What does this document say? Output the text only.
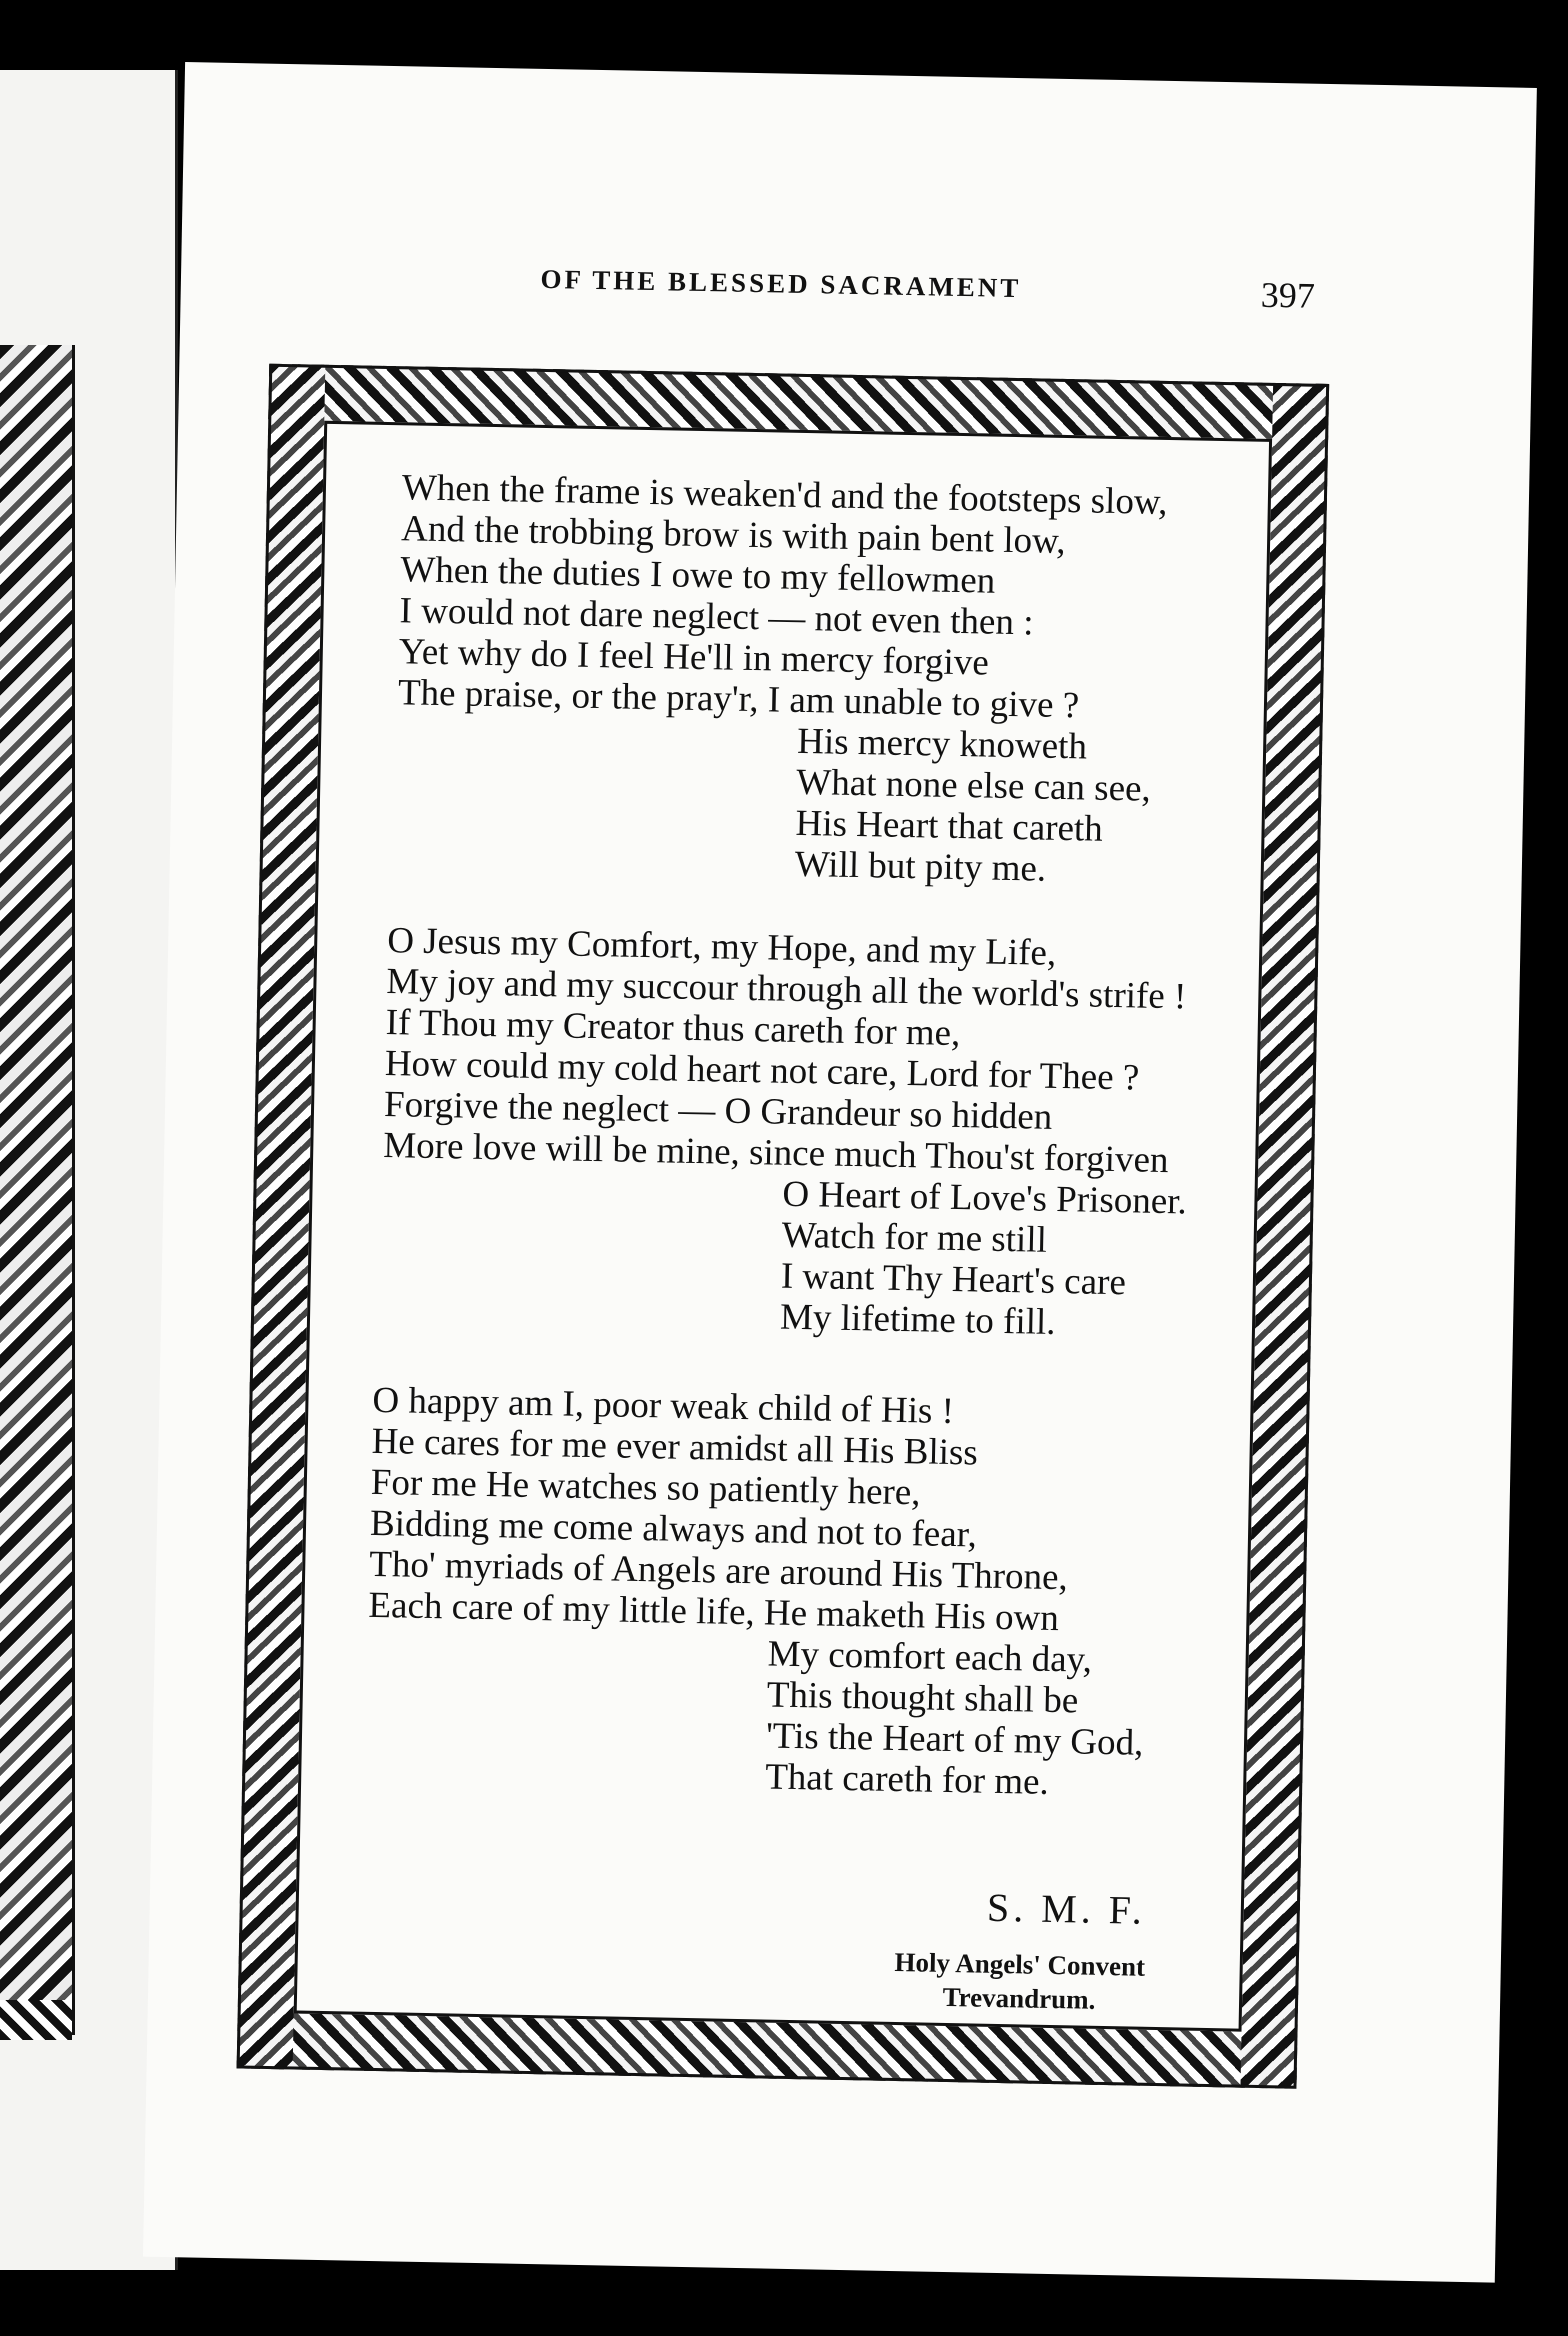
OF THE BLESSED SACRAMENT	397
When the frame is weaken'd and the footsteps slow,
And the trobbing brow is with pain bent low,
When the duties I owe to my fellowmen
I would not dare neglect — not even then :
Yet why do I feel He'll in mercy forgive
The praise, or the pray'r, I am unable to give ?
His mercy knoweth
What none else can see,
His Heart that careth
Will but pity me.
O Jesus my Comfort, my Hope, and my Life,
My joy and my succour through all the world's strife !
If Thou my Creator thus careth for me,
How could my cold heart not care, Lord for Thee ?
Forgive the neglect — O Grandeur so hidden
More love will be mine, since much Thou'st forgiven
O Heart of Love's Prisoner.
Watch for me still
I want Thy Heart's care
My lifetime to fill.
O happy am I, poor weak child of His !
He cares for me ever amidst all His Bliss
For me He watches so patiently here,
Bidding me come always and not to fear,
Tho' myriads of Angels are around His Throne,
Each care of my little life, He maketh His own
My comfort each day,
This thought shall be
'Tis the Heart of my God,
That careth for me.
S. M. F.
Holy Angels' Convent
Trevandrum.
